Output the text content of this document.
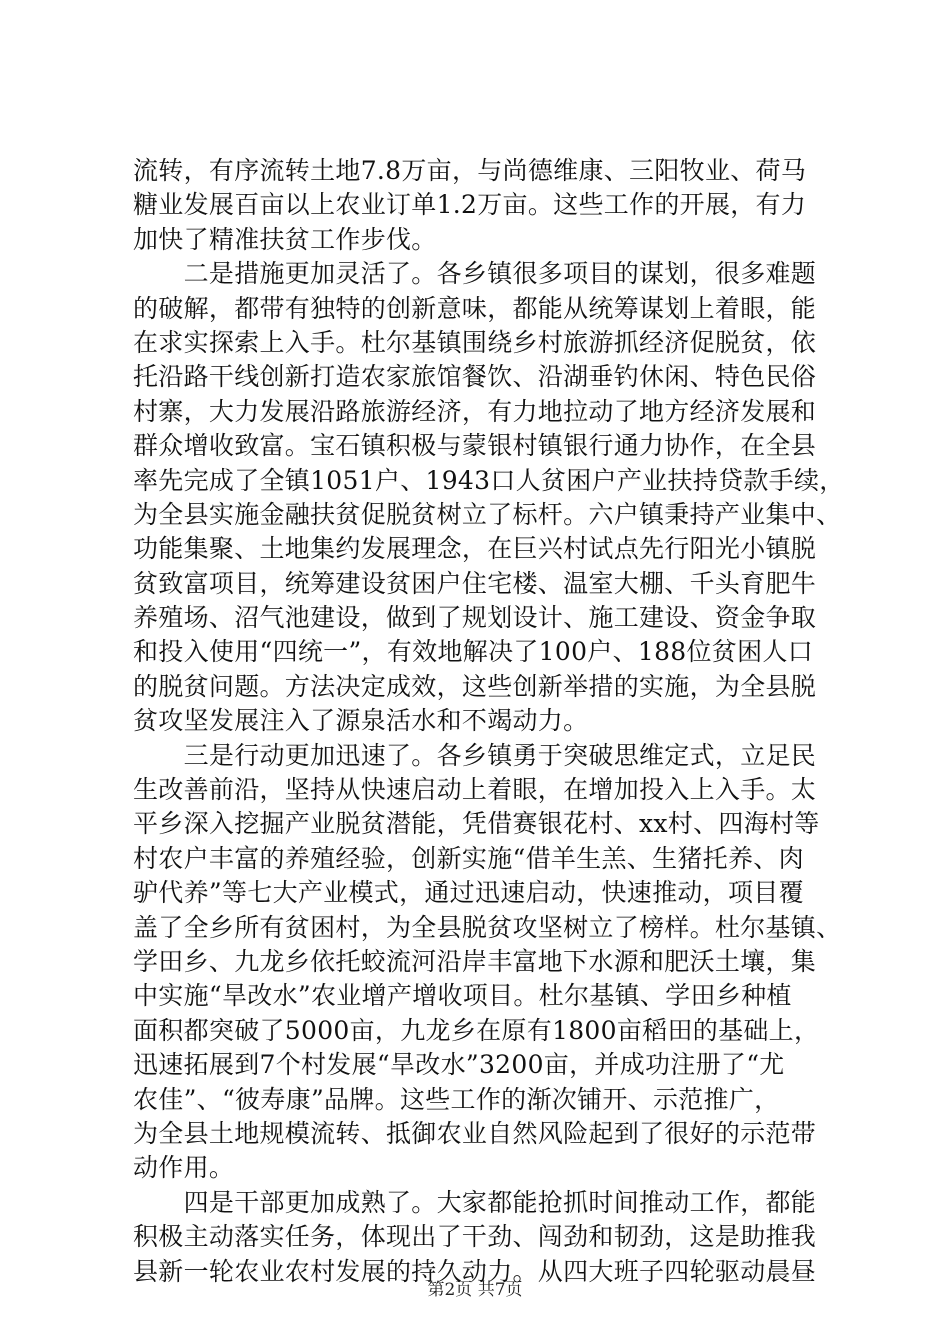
流转，有序流转土地7.8万亩，与尚德维康、三阳牧业、荷马
糖业发展百亩以上农业订单1.2万亩。这些工作的开展，有力
加快了精准扶贫工作步伐。
　　二是措施更加灵活了。各乡镇很多项目的谋划，很多难题
的破解，都带有独特的创新意味，都能从统筹谋划上着眼，能
在求实探索上入手。杜尔基镇围绕乡村旅游抓经济促脱贫，依
托沿路干线创新打造农家旅馆餐饮、沿湖垂钓休闲、特色民俗
村寨，大力发展沿路旅游经济，有力地拉动了地方经济发展和
群众增收致富。宝石镇积极与蒙银村镇银行通力协作，在全县
率先完成了全镇1051户、1943口人贫困户产业扶持贷款手续，
为全县实施金融扶贫促脱贫树立了标杆。六户镇秉持产业集中、
功能集聚、土地集约发展理念，在巨兴村试点先行阳光小镇脱
贫致富项目，统筹建设贫困户住宅楼、温室大棚、千头育肥牛
养殖场、沼气池建设，做到了规划设计、施工建设、资金争取
和投入使用“四统一”，有效地解决了100户、188位贫困人口
的脱贫问题。方法决定成效，这些创新举措的实施，为全县脱
贫攻坚发展注入了源泉活水和不竭动力。
　　三是行动更加迅速了。各乡镇勇于突破思维定式，立足民
生改善前沿，坚持从快速启动上着眼，在增加投入上入手。太
平乡深入挖掘产业脱贫潜能，凭借赛银花村、xx村、四海村等
村农户丰富的养殖经验，创新实施“借羊生羔、生猪托养、肉
驴代养”等七大产业模式，通过迅速启动，快速推动，项目覆
盖了全乡所有贫困村，为全县脱贫攻坚树立了榜样。杜尔基镇、
学田乡、九龙乡依托蛟流河沿岸丰富地下水源和肥沃土壤，集
中实施“旱改水”农业增产增收项目。杜尔基镇、学田乡种植
面积都突破了5000亩，九龙乡在原有1800亩稻田的基础上，
迅速拓展到7个村发展“旱改水”3200亩，并成功注册了“尤
农佳”、“彼寿康”品牌。这些工作的渐次铺开、示范推广，
为全县土地规模流转、抵御农业自然风险起到了很好的示范带
动作用。
　　四是干部更加成熟了。大家都能抢抓时间推动工作，都能
积极主动落实任务，体现出了干劲、闯劲和韧劲，这是助推我
县新一轮农业农村发展的持久动力。从四大班子四轮驱动晨昼
第2页 共7页
